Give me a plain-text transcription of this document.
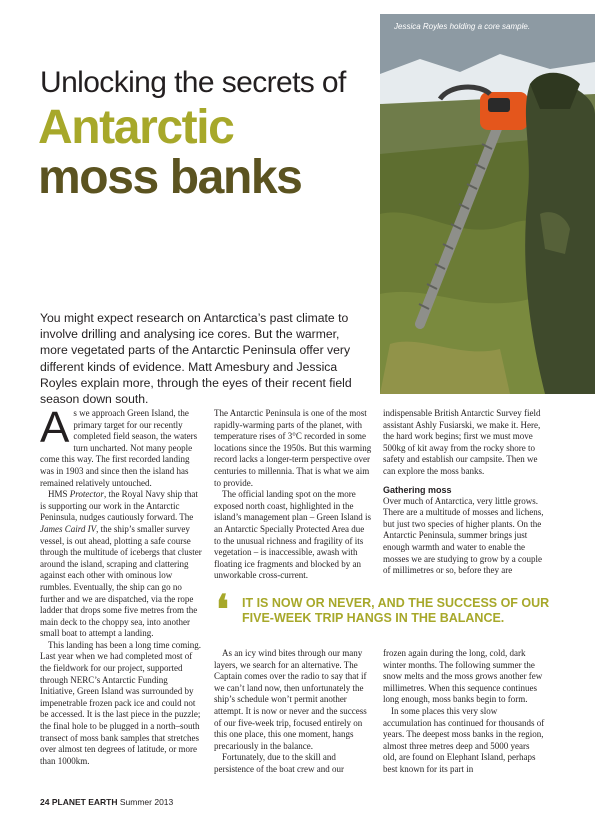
Jessica Royles holding a core sample.
Unlocking the secrets of
Antarctic
moss banks
You might expect research on Antarctica’s past climate to involve drilling and analysing ice cores. But the warmer, more vegetated parts of the Antarctic Peninsula offer very different kinds of evidence. Matt Amesbury and Jessica Royles explain more, through the eyes of their recent field season down south.

As we approach Green Island, the primary target for our recently completed field season, the waters turn uncharted. Not many people come this way. The first recorded landing was in 1903 and since then the island has remained relatively untouched.

HMS Protector, the Royal Navy ship that is supporting our work in the Antarctic Peninsula, nudges cautiously forward. The James Caird IV, the ship’s smaller survey vessel, is out ahead, plotting a safe course through the multitude of icebergs that cluster around the island, scraping and clattering against each other with ominous low rumbles. Eventually, the ship can go no further and we are dispatched, via the rope ladder that drops some five metres from the main deck to the choppy sea, into another small boat to attempt a landing.

This landing has been a long time coming. Last year when we had completed most of the fieldwork for our project, supported through NERC’s Antarctic Funding Initiative, Green Island was surrounded by impenetrable frozen pack ice and could not be accessed. It is the last piece in the puzzle; the final hole to be plugged in a north–south transect of moss bank samples that stretches over almost ten degrees of latitude, or more than 1000km.

The Antarctic Peninsula is one of the most rapidly-warming parts of the planet, with temperature rises of 3°C recorded in some locations since the 1950s. But this warming record lacks a longer-term perspective over centuries to millennia. That is what we aim to provide.

The official landing spot on the more exposed north coast, highlighted in the island’s management plan – Green Island is an Antarctic Specially Protected Area due to the unusual richness and fragility of its vegetation – is inaccessible, awash with floating ice fragments and blocked by an unworkable cross-current.

indispensable British Antarctic Survey field assistant Ashly Fusiarski, we make it. Here, the hard work begins; first we must move 500kg of kit away from the rocky shore to safety and establish our campsite. Then we can explore the moss banks.

Gathering moss

Over much of Antarctica, very little grows. There are a multitude of mosses and lichens, but just two species of higher plants. On the Antarctic Peninsula, summer brings just enough warmth and water to enable the mosses we are studying to grow by a couple of millimetres or so, before they are

❛ IT IS NOW OR NEVER, AND THE SUCCESS OF OUR FIVE-WEEK TRIP HANGS IN THE BALANCE.

As an icy wind bites through our many layers, we search for an alternative. The Captain comes over the radio to say that if we can’t land now, then unfortunately the ship’s schedule won’t permit another attempt. It is now or never and the success of our five-week trip, focused entirely on this one place, this one moment, hangs precariously in the balance.

Fortunately, due to the skill and persistence of the boat crew and our

frozen again during the long, cold, dark winter months. The following summer the snow melts and the moss grows another few millimetres. When this sequence continues long enough, moss banks begin to form.

In some places this very slow accumulation has continued for thousands of years. The deepest moss banks in the region, almost three metres deep and 5000 years old, are found on Elephant Island, perhaps best known for its part in

24 PLANET EARTH Summer 2013
